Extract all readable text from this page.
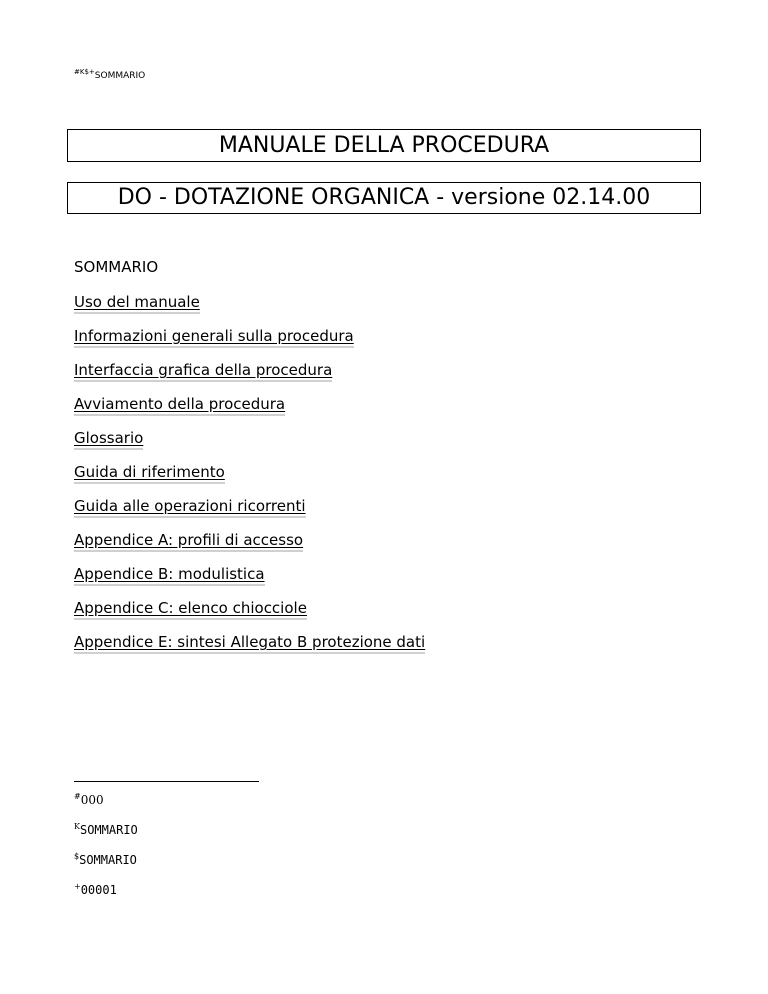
$^{\#K\$+}$SOMMARIO
MANUALE DELLA PROCEDURA
DO - DOTAZIONE ORGANICA - versione 02.14.00
SOMMARIO
Uso del manuale
Informazioni generali sulla procedura
Interfaccia grafica della procedura
Avviamento della procedura
Glossario
Guida di riferimento
Guida alle operazioni ricorrenti
Appendice A: profili di accesso
Appendice B: modulistica
Appendice C: elenco chiocciole
Appendice E: sintesi Allegato B protezione dati
#000
$^K$SOMMARIO
$SOMMARIO
+00001
